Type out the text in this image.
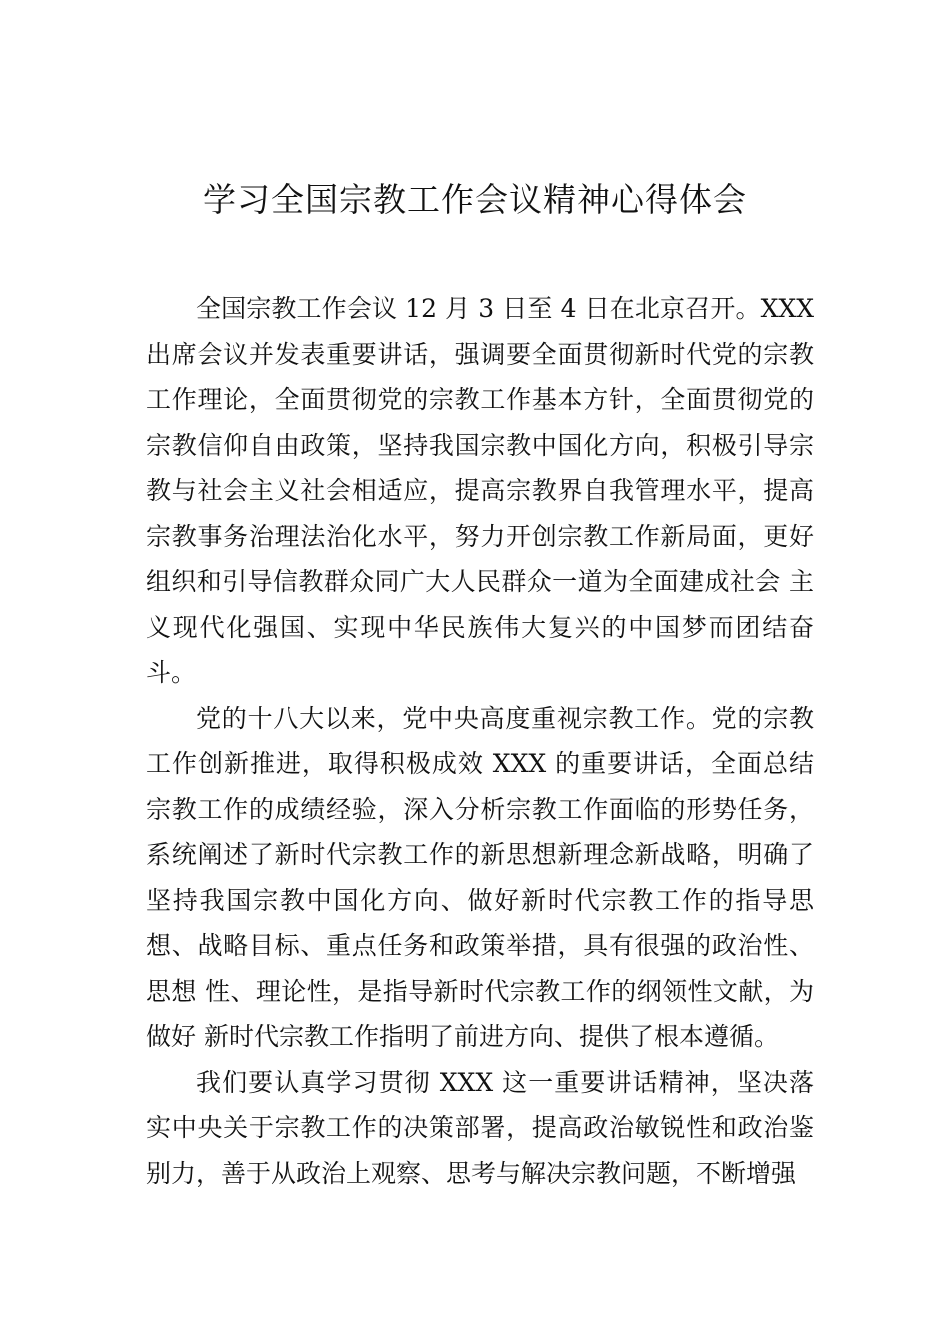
学习全国宗教工作会议精神心得体会

全国宗教工作会议 12 月 3 日至 4 日在北京召开。XXX 出席会议并发表重要讲话，强调要全面贯彻新时代党的宗教工作理论，全面贯彻党的宗教工作基本方针，全面贯彻党的宗教信仰自由政策，坚持我国宗教中国化方向，积极引导宗教与社会主义社会相适应，提高宗教界自我管理水平，提高宗教事务治理法治化水平，努力开创宗教工作新局面，更好组织和引导信教群众同广大人民群众一道为全面建成社会 主义现代化强国、实现中华民族伟大复兴的中国梦而团结奋斗。

党的十八大以来，党中央高度重视宗教工作。党的宗教工作创新推进，取得积极成效 XXX 的重要讲话，全面总结宗教工作的成绩经验，深入分析宗教工作面临的形势任务， 系统阐述了新时代宗教工作的新思想新理念新战略，明确了 坚持我国宗教中国化方向、做好新时代宗教工作的指导思想、战略目标、重点任务和政策举措，具有很强的政治性、思想 性、理论性，是指导新时代宗教工作的纲领性文献，为做好 新时代宗教工作指明了前进方向、提供了根本遵循。

我们要认真学习贯彻 XXX 这一重要讲话精神，坚决落实中央关于宗教工作的决策部署，提高政治敏锐性和政治鉴别力，善于从政治上观察、思考与解决宗教问题，不断增强
